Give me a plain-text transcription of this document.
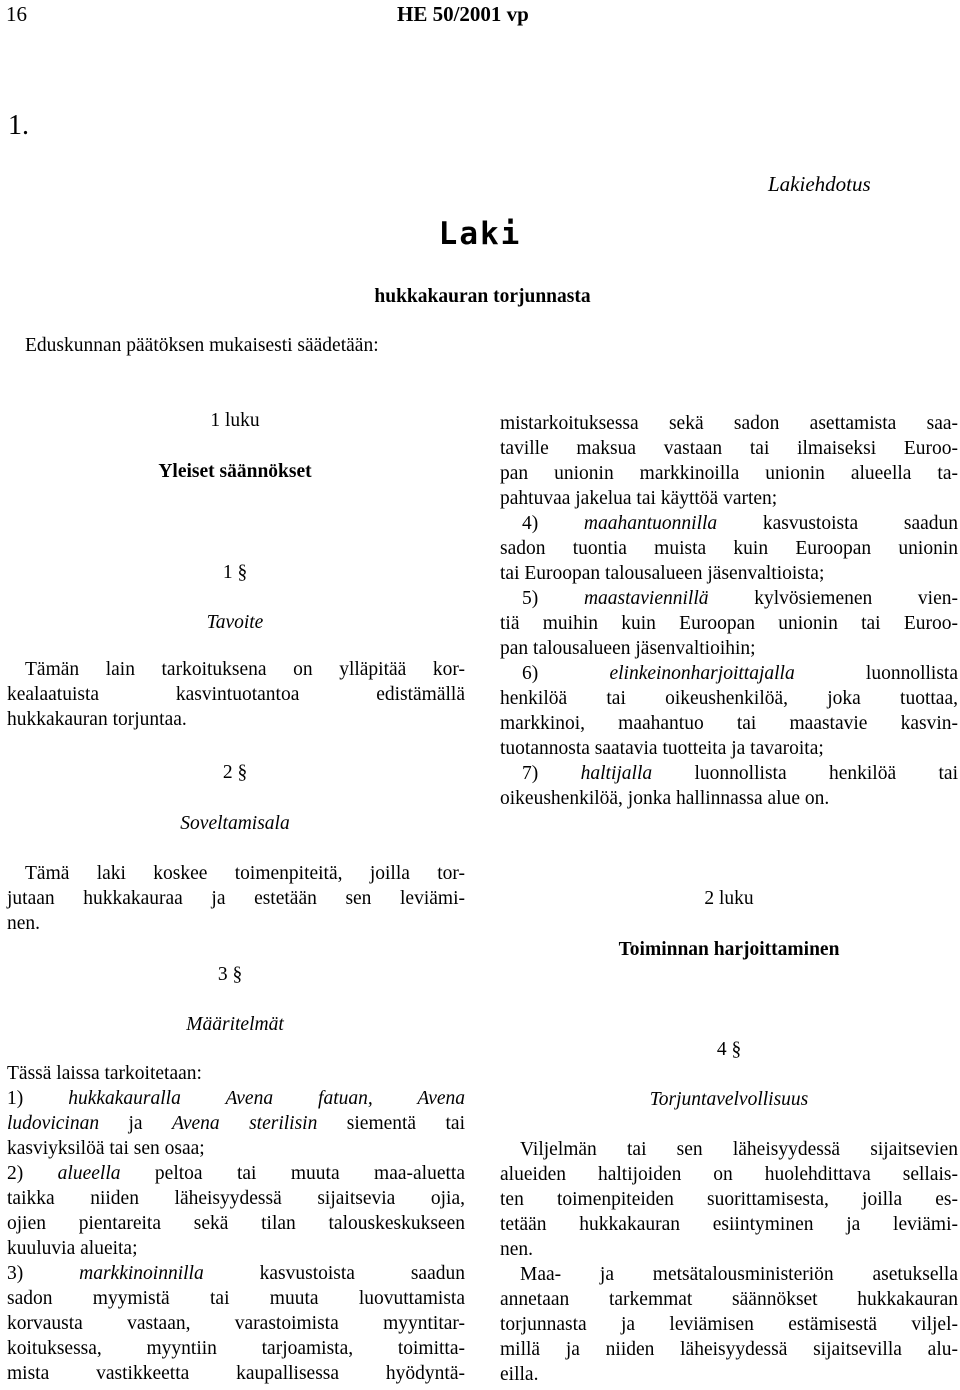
16	HE 50/2001 vp
1.
Lakiehdotus
Laki
hukkakauran torjunnasta
Eduskunnan päätöksen mukaisesti säädetään:
1 luku
Yleiset säännökset
1 §
Tavoite
Tämän lain tarkoituksena on ylläpitää kor-
kealaatuista kasvintuotantoa edistämällä
hukkakauran torjuntaa.
2 §
Soveltamisala
Tämä laki koskee toimenpiteitä, joilla tor-
jutaan hukkakauraa ja estetään sen leviämi-
nen.
3 §
Määritelmät
Tässä laissa tarkoitetaan:
1) hukkakauralla Avena fatuan, Avena
ludovicinan ja Avena sterilisin siementä tai
kasviyksilöä tai sen osaa;
2) alueella peltoa tai muuta maa-aluetta
taikka niiden läheisyydessä sijaitsevia ojia,
ojien pientareita sekä tilan talouskeskukseen
kuuluvia alueita;
3) markkinoinnilla kasvustoista saadun
sadon myymistä tai muuta luovuttamista
korvausta vastaan, varastoimista myyntitar-
koituksessa, myyntiin tarjoamista, toimitta-
mista vastikkeetta kaupallisessa hyödyntä-
mistarkoituksessa sekä sadon asettamista saa-
taville maksua vastaan tai ilmaiseksi Euroo-
pan unionin markkinoilla unionin alueella ta-
pahtuvaa jakelua tai käyttöä varten;
4) maahantuonnilla kasvustoista saadun
sadon tuontia muista kuin Euroopan unionin
tai Euroopan talousalueen jäsenvaltioista;
5) maastaviennillä kylvösiemenen vien-
tiä muihin kuin Euroopan unionin tai Euroo-
pan talousalueen jäsenvaltioihin;
6) elinkeinonharjoittajalla luonnollista
henkilöä tai oikeushenkilöä, joka tuottaa,
markkinoi, maahantuo tai maastavie kasvin-
tuotannosta saatavia tuotteita ja tavaroita;
7) haltijalla luonnollista henkilöä tai
oikeushenkilöä, jonka hallinnassa alue on.
2 luku
Toiminnan harjoittaminen
4 §
Torjuntavelvollisuus
Viljelmän tai sen läheisyydessä sijaitsevien
alueiden haltijoiden on huolehdittava sellais-
ten toimenpiteiden suorittamisesta, joilla es-
tetään hukkakauran esiintyminen ja leviämi-
nen.
Maa- ja metsätalousministeriön asetuksella
annetaan tarkemmat säännökset hukkakauran
torjunnasta ja leviämisen estämisestä viljel-
millä ja niiden läheisyydessä sijaitsevilla alu-
eilla.
